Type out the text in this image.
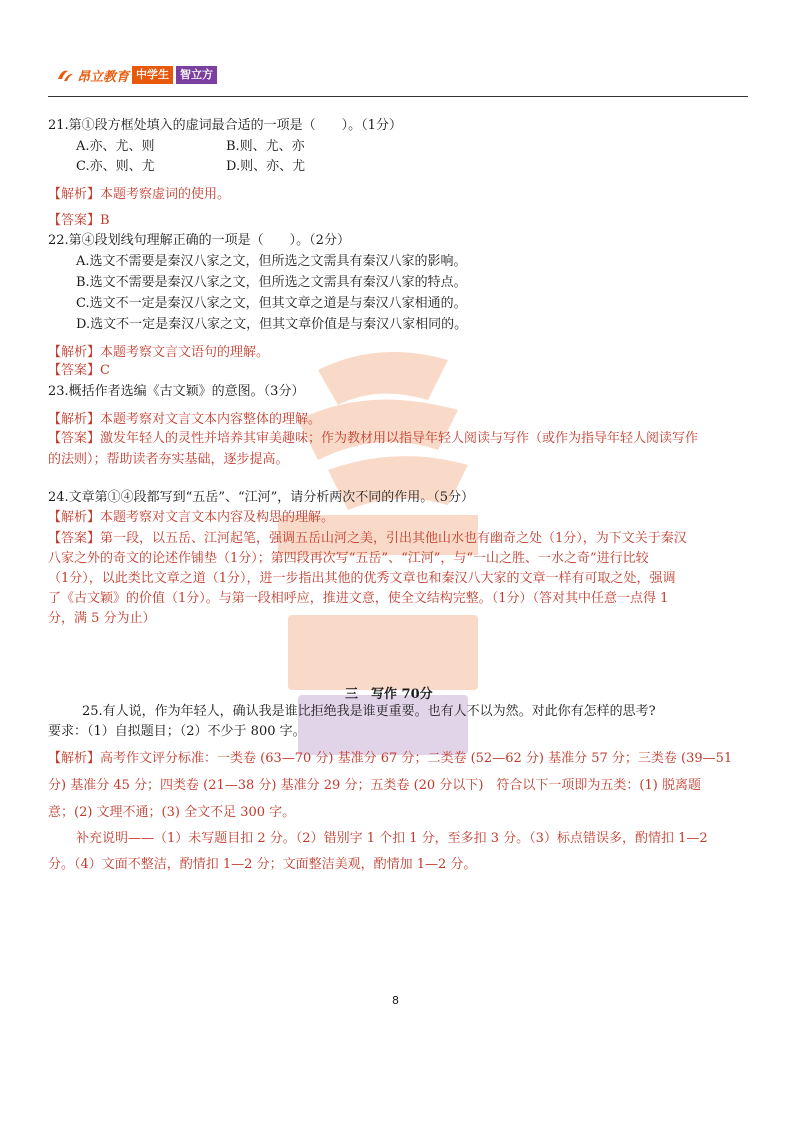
昂立教育 中学生	智立方
21.第①段方框处填入的虚词最合适的一项是（　　）。（1分）
A.亦、尤、则	B.则、尤、亦
C.亦、则、尤	D.则、亦、尤
【解析】本题考察虚词的使用。
【答案】B
22.第④段划线句理解正确的一项是（　　）。（2分）
A.选文不需要是秦汉八家之文，但所选之文需具有秦汉八家的影响。
B.选文不需要是秦汉八家之文，但所选之文需具有秦汉八家的特点。
C.选文不一定是秦汉八家之文，但其文章之道是与秦汉八家相通的。
D.选文不一定是秦汉八家之文，但其文章价值是与秦汉八家相同的。
【解析】本题考察文言文语句的理解。
【答案】C
23.概括作者选编《古文颖》的意图。（3分）
【解析】本题考察对文言文本内容整体的理解。
【答案】激发年轻人的灵性并培养其审美趣味；作为教材用以指导年轻人阅读与写作（或作为指导年轻人阅读写作
的法则）；帮助读者夯实基础，逐步提高。
24.文章第①④段都写到“五岳”、“江河”，请分析两次不同的作用。（5分）
【解析】本题考察对文言文本内容及构思的理解。
【答案】第一段，以五岳、江河起笔，强调五岳山河之美，引出其他山水也有幽奇之处（1分），为下文关于秦汉
八家之外的奇文的论述作铺垫（1分）；第四段再次写“五岳”、“江河”，与“一山之胜、一水之奇”进行比较
（1分），以此类比文章之道（1分），进一步指出其他的优秀文章也和秦汉八大家的文章一样有可取之处，强调
了《古文颖》的价值（1分）。与第一段相呼应，推进文意，使全文结构完整。（1分）（答对其中任意一点得 1
分，满 5 分为止）
三　写作 70分
25.有人说，作为年轻人，确认我是谁比拒绝我是谁更重要。也有人不以为然。对此你有怎样的思考?
要求：（1）自拟题目；（2）不少于 800 字。
【解析】高考作文评分标准：一类卷 (63—70 分) 基准分 67 分；二类卷 (52—62 分) 基准分 57 分；三类卷 (39—51
分) 基准分 45 分；四类卷 (21—38 分) 基准分 29 分；五类卷 (20 分以下)　符合以下一项即为五类：(1) 脱离题
意；(2) 文理不通；(3) 全文不足 300 字。
补充说明——（1）未写题目扣 2 分。（2）错别字 1 个扣 1 分，至多扣 3 分。（3）标点错误多，酌情扣 1—2
分。（4）文面不整洁，酌情扣 1—2 分；文面整洁美观，酌情加 1—2 分。
8
